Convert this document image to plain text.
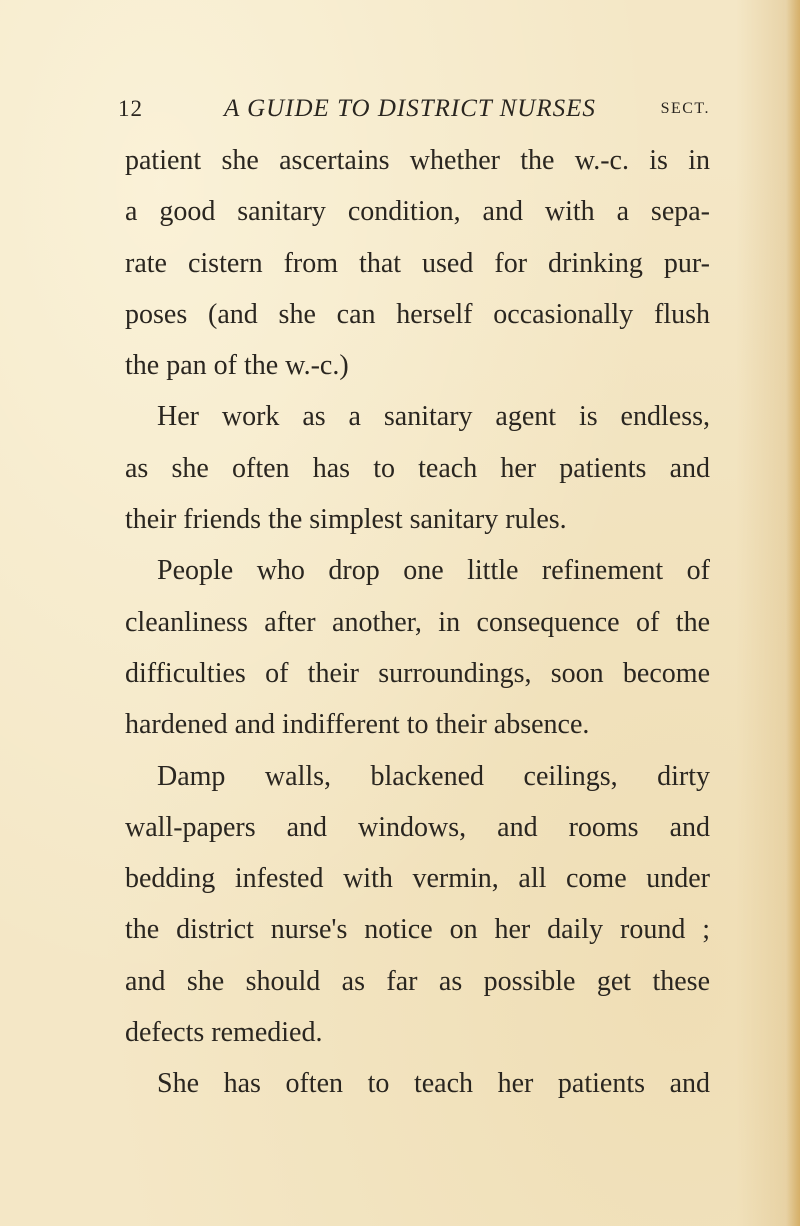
12	A GUIDE TO DISTRICT NURSES	SECT.
patient she ascertains whether the w.-c. is in
a good sanitary condition, and with a sepa-
rate cistern from that used for drinking pur-
poses (and she can herself occasionally flush
the pan of the w.-c.)
Her work as a sanitary agent is endless,
as she often has to teach her patients and
their friends the simplest sanitary rules.
People who drop one little refinement of
cleanliness after another, in consequence of the
difficulties of their surroundings, soon become
hardened and indifferent to their absence.
Damp walls, blackened ceilings, dirty
wall-papers and windows, and rooms and
bedding infested with vermin, all come under
the district nurse's notice on her daily round ;
and she should as far as possible get these
defects remedied.
She has often to teach her patients and
